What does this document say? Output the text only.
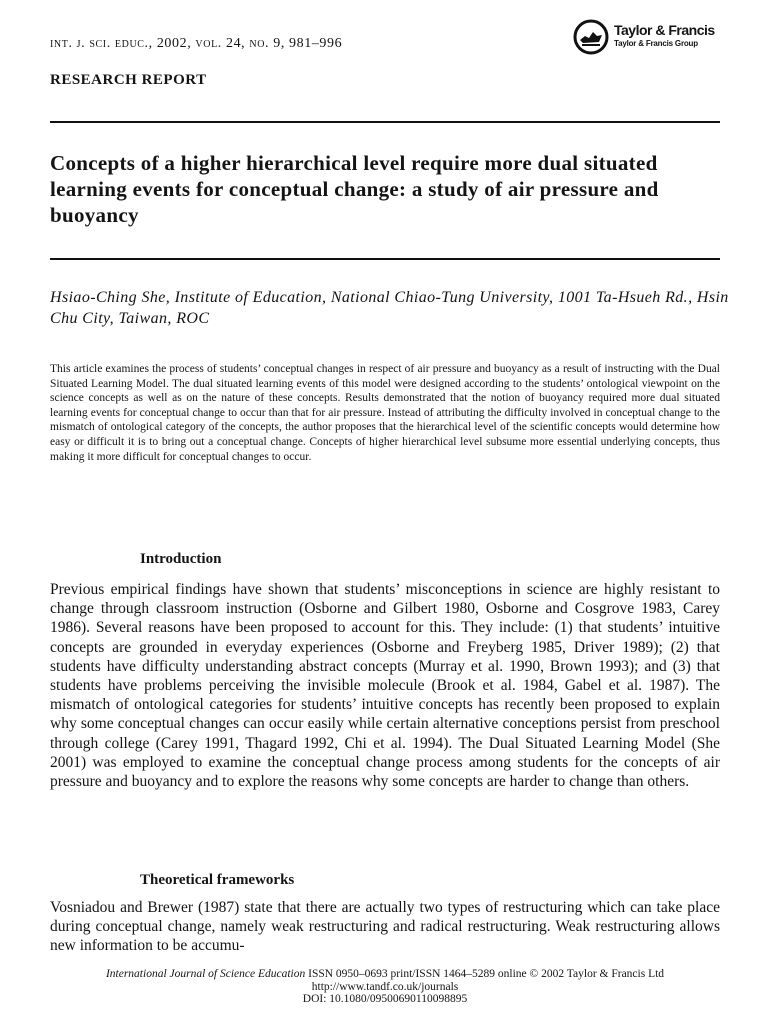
int. j. sci. educ., 2002, vol. 24, no. 9, 981–996
Taylor & Francis
Taylor & Francis Group
RESEARCH REPORT
Concepts of a higher hierarchical level require more dual situated learning events for conceptual change: a study of air pressure and buoyancy
Hsiao-Ching She, Institute of Education, National Chiao-Tung University, 1001 Ta-Hsueh Rd., Hsin Chu City, Taiwan, ROC
This article examines the process of students’ conceptual changes in respect of air pressure and buoyancy as a result of instructing with the Dual Situated Learning Model. The dual situated learning events of this model were designed according to the students’ ontological viewpoint on the science concepts as well as on the nature of these concepts. Results demonstrated that the notion of buoyancy required more dual situated learning events for conceptual change to occur than that for air pressure. Instead of attributing the difficulty involved in conceptual change to the mismatch of ontological category of the concepts, the author proposes that the hierarchical level of the scientific concepts would determine how easy or difficult it is to bring out a conceptual change. Concepts of higher hierarchical level subsume more essential underlying concepts, thus making it more difficult for conceptual changes to occur.
Introduction
Previous empirical findings have shown that students’ misconceptions in science are highly resistant to change through classroom instruction (Osborne and Gilbert 1980, Osborne and Cosgrove 1983, Carey 1986). Several reasons have been proposed to account for this. They include: (1) that students’ intuitive concepts are grounded in everyday experiences (Osborne and Freyberg 1985, Driver 1989); (2) that students have difficulty understanding abstract concepts (Murray et al. 1990, Brown 1993); and (3) that students have problems perceiving the invisible molecule (Brook et al. 1984, Gabel et al. 1987). The mismatch of ontological categories for students’ intuitive concepts has recently been proposed to explain why some conceptual changes can occur easily while certain alternative conceptions persist from preschool through college (Carey 1991, Thagard 1992, Chi et al. 1994). The Dual Situated Learning Model (She 2001) was employed to examine the conceptual change process among students for the concepts of air pressure and buoyancy and to explore the reasons why some concepts are harder to change than others.
Theoretical frameworks
Vosniadou and Brewer (1987) state that there are actually two types of restructuring which can take place during conceptual change, namely weak restructuring and radical restructuring. Weak restructuring allows new information to be accumu-
International Journal of Science Education ISSN 0950–0693 print/ISSN 1464–5289 online © 2002 Taylor & Francis Ltd
http://www.tandf.co.uk/journals
DOI: 10.1080/09500690110098895
